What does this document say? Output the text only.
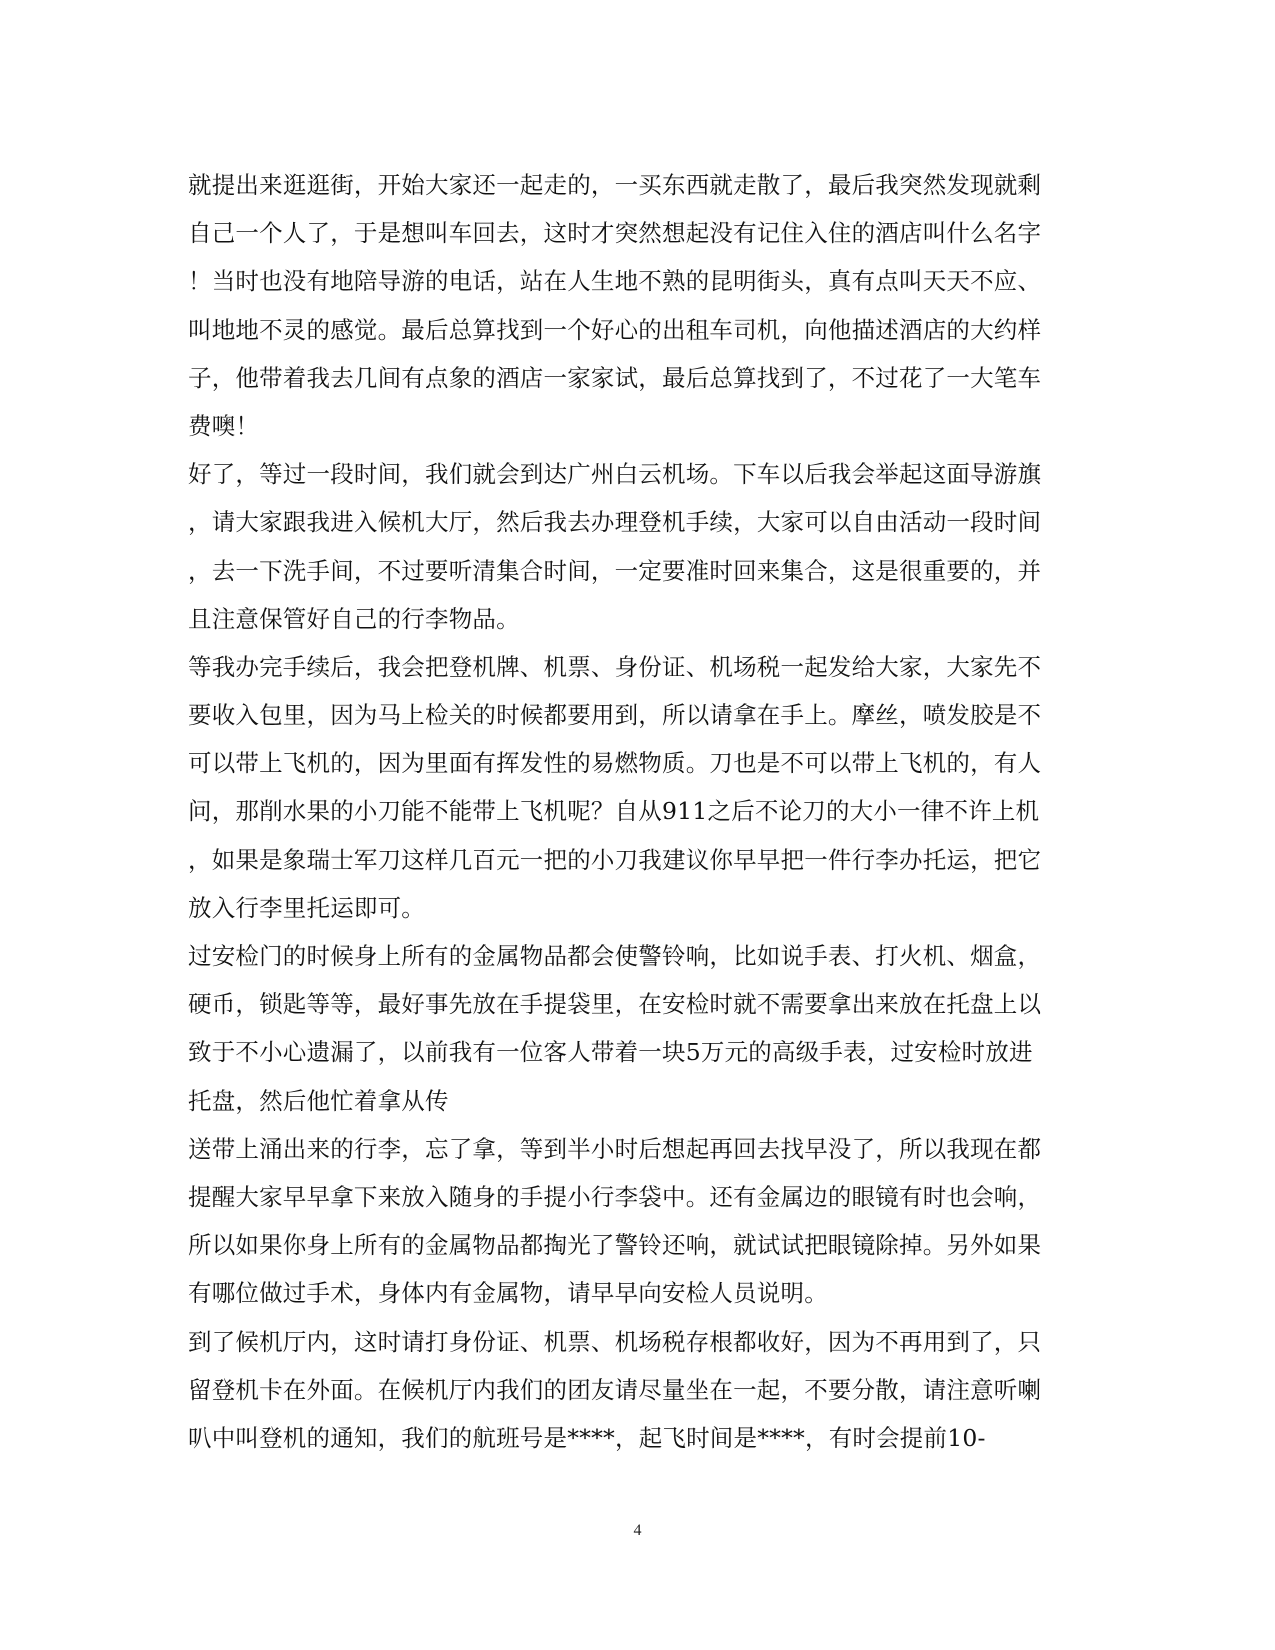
就提出来逛逛街，开始大家还一起走的，一买东西就走散了，最后我突然发现就剩
自己一个人了，于是想叫车回去，这时才突然想起没有记住入住的酒店叫什么名字
！当时也没有地陪导游的电话，站在人生地不熟的昆明街头，真有点叫天天不应、
叫地地不灵的感觉。最后总算找到一个好心的出租车司机，向他描述酒店的大约样
子，他带着我去几间有点象的酒店一家家试，最后总算找到了，不过花了一大笔车
费噢！
好了，等过一段时间，我们就会到达广州白云机场。下车以后我会举起这面导游旗
，请大家跟我进入候机大厅，然后我去办理登机手续，大家可以自由活动一段时间
，去一下洗手间，不过要听清集合时间，一定要准时回来集合，这是很重要的，并
且注意保管好自己的行李物品。
等我办完手续后，我会把登机牌、机票、身份证、机场税一起发给大家，大家先不
要收入包里，因为马上检关的时候都要用到，所以请拿在手上。摩丝，喷发胶是不
可以带上飞机的，因为里面有挥发性的易燃物质。刀也是不可以带上飞机的，有人
问，那削水果的小刀能不能带上飞机呢？自从911之后不论刀的大小一律不许上机
，如果是象瑞士军刀这样几百元一把的小刀我建议你早早把一件行李办托运，把它
放入行李里托运即可。
过安检门的时候身上所有的金属物品都会使警铃响，比如说手表、打火机、烟盒，
硬币，锁匙等等，最好事先放在手提袋里，在安检时就不需要拿出来放在托盘上以
致于不小心遗漏了，以前我有一位客人带着一块5万元的高级手表，过安检时放进
托盘，然后他忙着拿从传
送带上涌出来的行李，忘了拿，等到半小时后想起再回去找早没了，所以我现在都
提醒大家早早拿下来放入随身的手提小行李袋中。还有金属边的眼镜有时也会响，
所以如果你身上所有的金属物品都掏光了警铃还响，就试试把眼镜除掉。另外如果
有哪位做过手术，身体内有金属物，请早早向安检人员说明。
到了候机厅内，这时请打身份证、机票、机场税存根都收好，因为不再用到了，只
留登机卡在外面。在候机厅内我们的团友请尽量坐在一起，不要分散，请注意听喇
叭中叫登机的通知，我们的航班号是****，起飞时间是****，有时会提前10-
4
